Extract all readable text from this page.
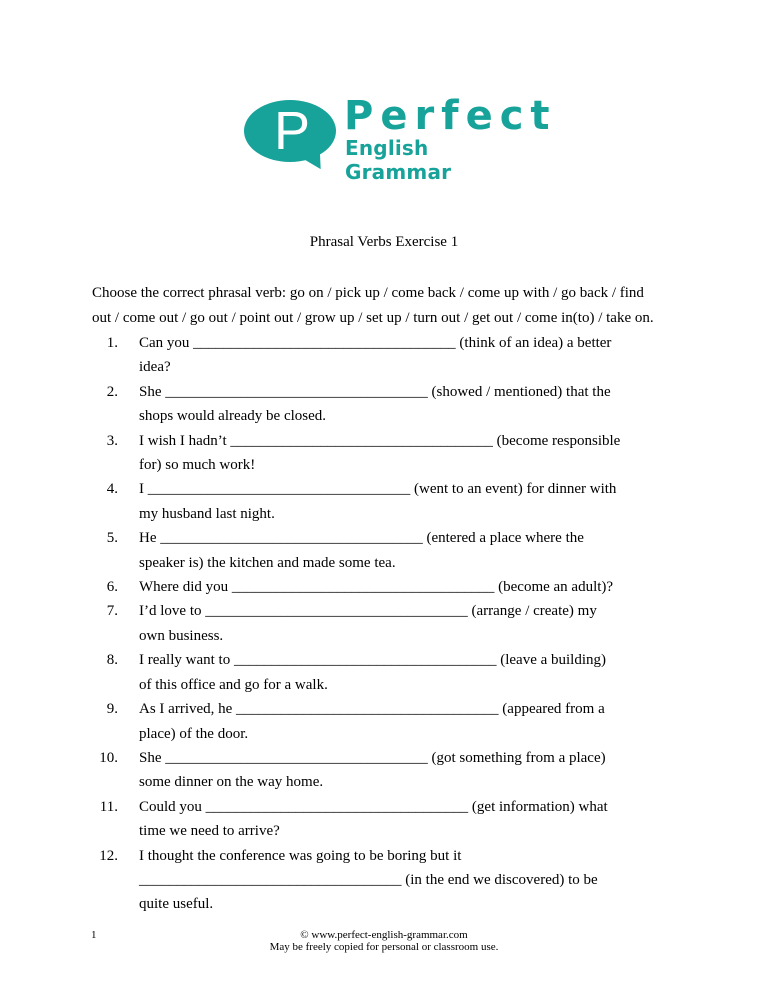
P Perfect
English Grammar
Phrasal Verbs Exercise 1
Choose the correct phrasal verb: go on / pick up / come back / come up with / go back / find
out / come out / go out / point out / grow up / set up / turn out / get out / come in(to) / take on.
1. Can you ___________________________________ (think of an idea) a better
idea?
2. She ___________________________________ (showed / mentioned) that the
shops would already be closed.
3. I wish I hadn’t ___________________________________ (become responsible
for) so much work!
4. I ___________________________________ (went to an event) for dinner with
my husband last night.
5. He ___________________________________ (entered a place where the
speaker is) the kitchen and made some tea.
6. Where did you ___________________________________ (become an adult)?
7. I’d love to ___________________________________ (arrange / create) my
own business.
8. I really want to ___________________________________ (leave a building)
of this office and go for a walk.
9. As I arrived, he ___________________________________ (appeared from a
place) of the door.
10. She ___________________________________ (got something from a place)
some dinner on the way home.
11. Could you ___________________________________ (get information) what
time we need to arrive?
12. I thought the conference was going to be boring but it
___________________________________ (in the end we discovered) to be
quite useful.
1	© www.perfect-english-grammar.com
May be freely copied for personal or classroom use.
